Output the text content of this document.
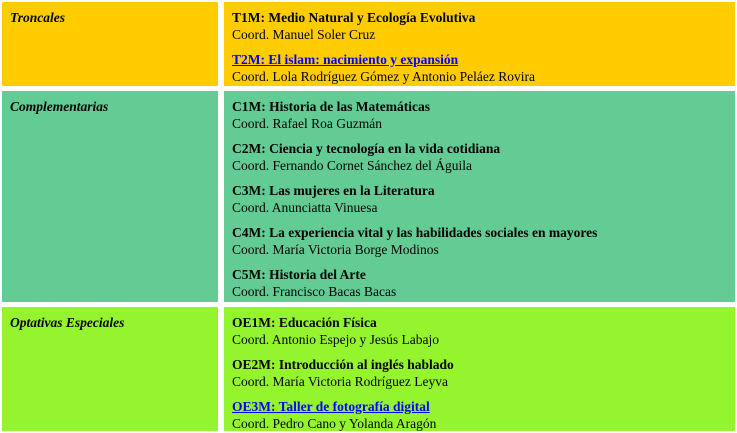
Troncales	T1M: Medio Natural y Ecología Evolutiva
Coord. Manuel Soler Cruz
T2M: El islam: nacimiento y expansión
Coord. Lola Rodríguez Gómez y Antonio Peláez Rovira
Complementarias	C1M: Historia de las Matemáticas
Coord. Rafael Roa Guzmán
C2M: Ciencia y tecnología en la vida cotidiana
Coord. Fernando Cornet Sánchez del Águila
C3M: Las mujeres en la Literatura
Coord. Anunciatta Vinuesa
C4M: La experiencia vital y las habilidades sociales en mayores
Coord. María Victoria Borge Modinos
C5M: Historia del Arte
Coord. Francisco Bacas Bacas
Optativas Especiales	OE1M: Educación Física
Coord. Antonio Espejo y Jesús Labajo
OE2M: Introducción al inglés hablado
Coord. María Victoria Rodríguez Leyva
OE3M: Taller de fotografía digital
Coord. Pedro Cano y Yolanda Aragón
